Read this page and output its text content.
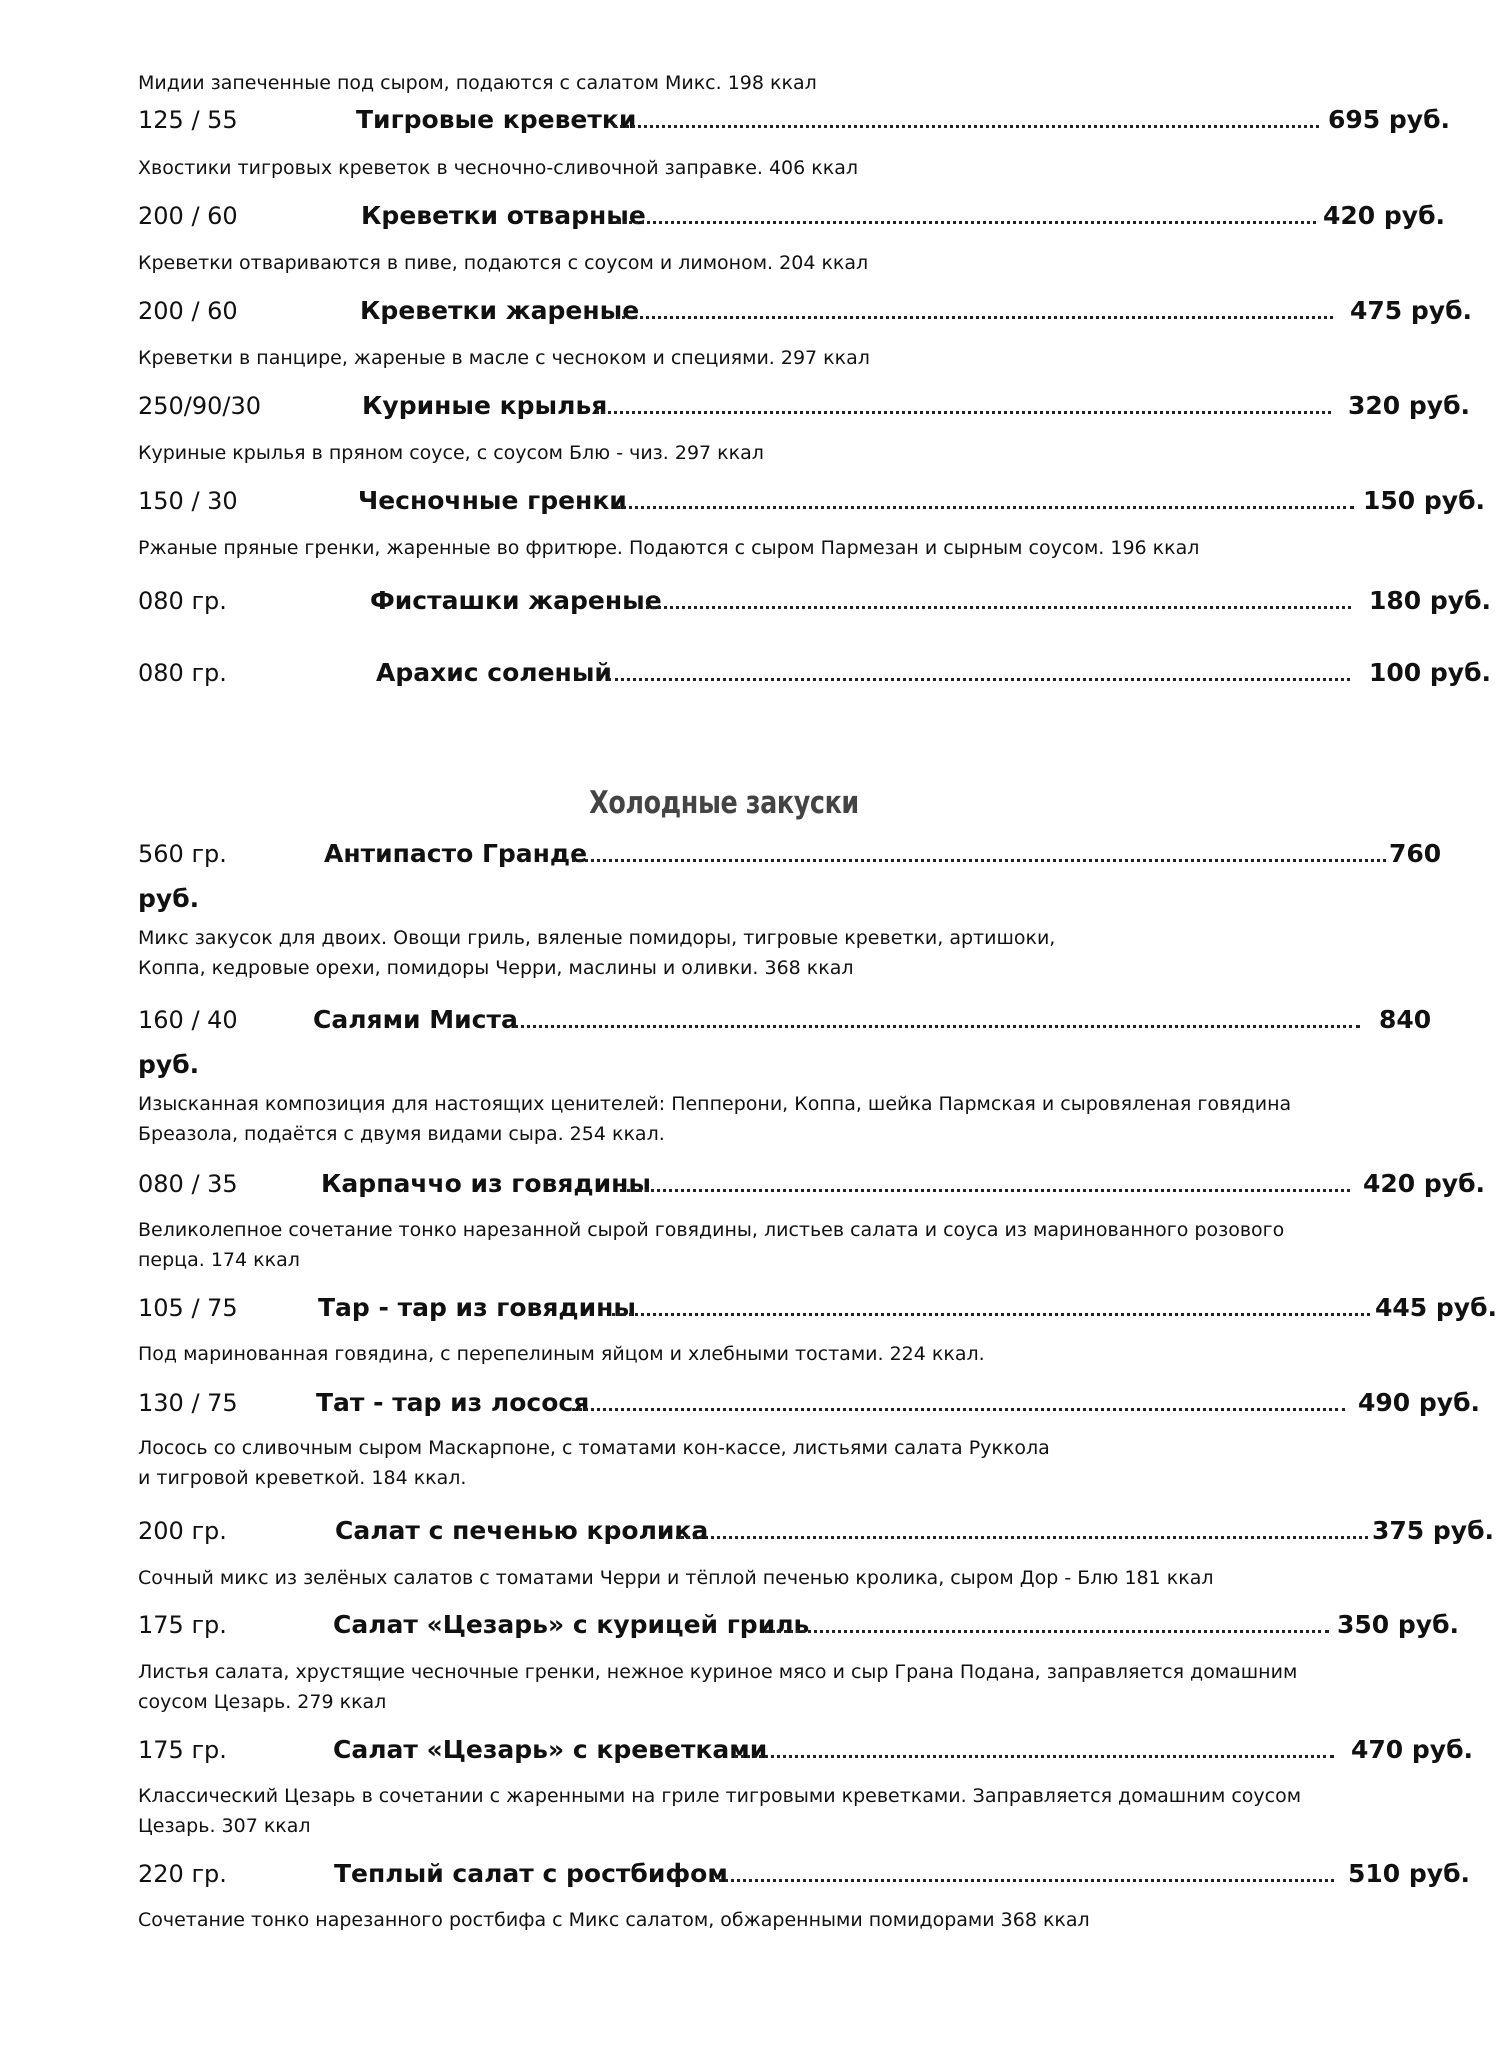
Мидии запеченные под сыром, подаются с салатом Микс. 198 ккал
125 / 55	Тигровые креветки	695 руб.
Хвостики тигровых креветок в чесночно-сливочной заправке. 406 ккал
200 / 60	Креветки отварные	420 руб.
Креветки отвариваются в пиве, подаются с соусом и лимоном. 204 ккал
200 / 60	Креветки жареные	475 руб.
Креветки в панцире, жареные в масле с чесноком и специями. 297 ккал
250/90/30	Куриные крылья	320 руб.
Куриные крылья в пряном соусе, с соусом Блю - чиз. 297 ккал
150 / 30	Чесночные гренки	150 руб.
Ржаные пряные гренки, жаренные во фритюре. Подаются с сыром Пармезан и сырным соусом. 196 ккал
080 гр.	Фисташки жареные	180 руб.
080 гр.	Арахис соленый	100 руб.
Холодные закуски
560 гр.	Антипасто Гранде	760
руб.
Микс закусок для двоих. Овощи гриль, вяленые помидоры, тигровые креветки, артишоки,
Коппа, кедровые орехи, помидоры Черри, маслины и оливки. 368 ккал
160 / 40	Салями Миста	840
руб.
Изысканная композиция для настоящих ценителей: Пепперони, Коппа, шейка Пармская и сыровяленая говядина
Бреазола, подаётся с двумя видами сыра. 254 ккал.
080 / 35	Карпаччо из говядины	420 руб.
Великолепное сочетание тонко нарезанной сырой говядины, листьев салата и соуса из маринованного розового
перца. 174 ккал
105 / 75	Тар - тар из говядины	445 руб.
Под маринованная говядина, с перепелиным яйцом и хлебными тостами. 224 ккал.
130 / 75	Тат - тар из лосося	490 руб.
Лосось со сливочным сыром Маскарпоне, с томатами кон-кассе, листьями салата Руккола
и тигровой креветкой. 184 ккал.
200 гр.	Салат с печенью кролика	375 руб.
Сочный микс из зелёных салатов с томатами Черри и тёплой печенью кролика, сыром Дор - Блю 181 ккал
175 гр.	Салат «Цезарь» с курицей гриль	350 руб.
Листья салата, хрустящие чесночные гренки, нежное куриное мясо и сыр Грана Подана, заправляется домашним
соусом Цезарь. 279 ккал
175 гр.	Салат «Цезарь» с креветками	470 руб.
Классический Цезарь в сочетании с жаренными на гриле тигровыми креветками. Заправляется домашним соусом
Цезарь. 307 ккал
220 гр.	Теплый салат с ростбифом	510 руб.
Сочетание тонко нарезанного ростбифа с Микс салатом, обжаренными помидорами 368 ккал
